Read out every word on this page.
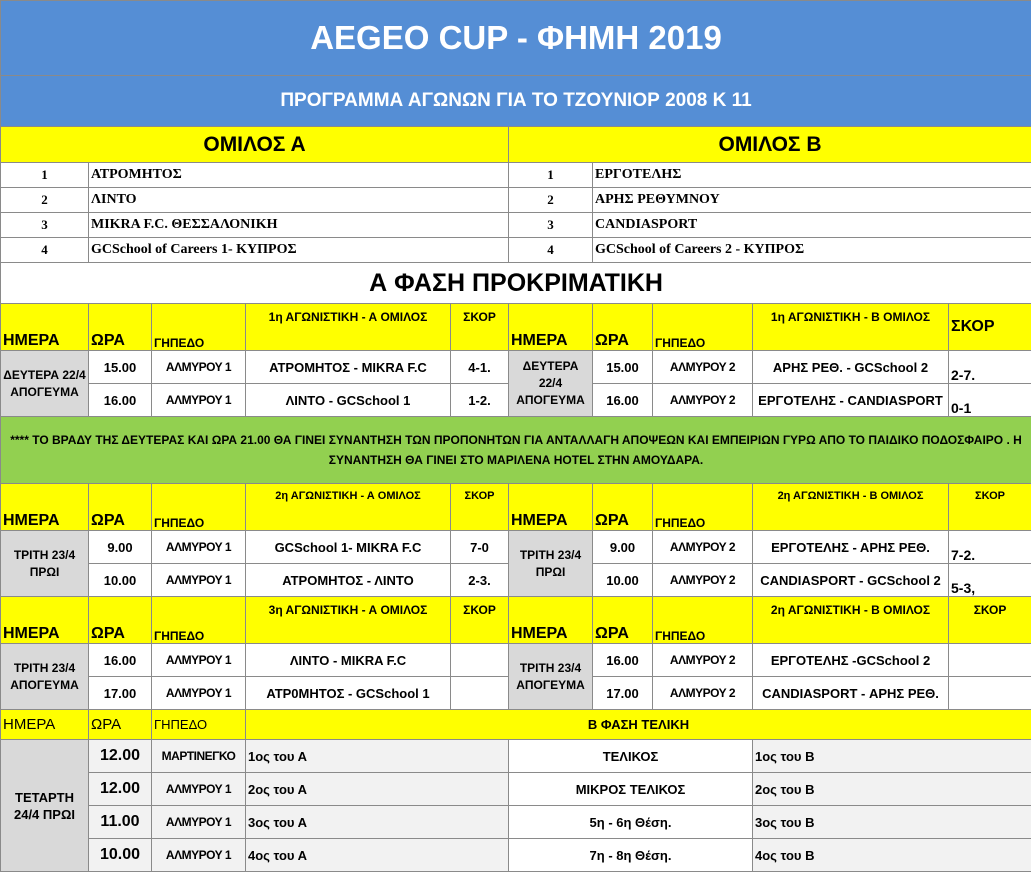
AEGEO CUP - ΦΗΜΗ 2019									
ΠΡΟΓΡΑΜΜΑ ΑΓΩΝΩΝ ΓΙΑ ΤΟ ΤΖΟΥΝΙΟΡ 2008 Κ 11									
ΟΜΙΛΟΣ Α					ΟΜΙΛΟΣ Β				
1	ΑΤΡΟΜΗΤΟΣ				1	ΕΡΓΟΤΕΛΗΣ			
2	ΛΙΝΤΟ				2	ΑΡΗΣ ΡΕΘΥΜΝΟΥ			
3	MIKRA F.C. ΘΕΣΣΑΛΟΝΙΚΗ				3	CANDIASPORT			
4	GCSchool of Careers 1- ΚΥΠΡΟΣ				4	GCSchool of Careers 2 - ΚΥΠΡΟΣ			
Α ΦΑΣΗ ΠΡΟΚΡΙΜΑΤΙΚΗ									
ΗΜΕΡΑ	ΩΡΑ	ΓΗΠΕΔΟ	1η ΑΓΩΝΙΣΤΙΚΗ - Α ΟΜΙΛΟΣ	ΣΚΟΡ	ΗΜΕΡΑ	ΩΡΑ	ΓΗΠΕΔΟ	1η ΑΓΩΝΙΣΤΙΚΗ - Β ΟΜΙΛΟΣ	ΣΚΟΡ
ΔΕΥΤΕΡΑ 22/4 ΑΠΟΓΕΥΜΑ	15.00	ΑΛΜΥΡΟΥ 1	ΑΤΡΟΜΗΤΟΣ - MIKRA F.C	4-1.	ΔΕΥΤΕΡΑ 22/4 ΑΠΟΓΕΥΜΑ	15.00	ΑΛΜΥΡΟΥ 2	ΑΡΗΣ ΡΕΘ. - GCSchool 2	2-7.
	16.00	ΑΛΜΥΡΟΥ 1	ΛΙΝΤΟ - GCSchool 1	1-2.		16.00	ΑΛΜΥΡΟΥ 2	ΕΡΓΟΤΕΛΗΣ - CANDIASPORT	0-1
**** ΤΟ ΒΡΑΔΥ ΤΗΣ ΔΕΥΤΕΡΑΣ ΚΑΙ ΩΡΑ 21.00 ΘΑ ΓΙΝΕΙ ΣΥΝΑΝΤΗΣΗ ΤΩΝ ΠΡΟΠΟΝΗΤΩΝ ΓΙΑ ΑΝΤΑΛΛΑΓΗ ΑΠΟΨΕΩΝ ΚΑΙ ΕΜΠΕΙΡΙΩΝ ΓΥΡΩ ΑΠΟ ΤΟ ΠΑΙΔΙΚΟ ΠΟΔΟΣΦΑΙΡΟ . Η ΣΥΝΑΝΤΗΣΗ ΘΑ ΓΙΝΕΙ ΣΤΟ ΜΑΡΙΛΕΝΑ HOTEL ΣΤΗΝ ΑΜΟΥΔΑΡΑ.									
ΗΜΕΡΑ	ΩΡΑ	ΓΗΠΕΔΟ	2η ΑΓΩΝΙΣΤΙΚΗ - Α ΟΜΙΛΟΣ	ΣΚΟΡ	ΗΜΕΡΑ	ΩΡΑ	ΓΗΠΕΔΟ	2η ΑΓΩΝΙΣΤΙΚΗ - Β ΟΜΙΛΟΣ	ΣΚΟΡ
ΤΡΙΤΗ 23/4 ΠΡΩΙ	9.00	ΑΛΜΥΡΟΥ 1	GCSchool 1- MIKRA F.C	7-0	ΤΡΙΤΗ 23/4 ΠΡΩΙ	9.00	ΑΛΜΥΡΟΥ 2	ΕΡΓΟΤΕΛΗΣ - ΑΡΗΣ ΡΕΘ.	7-2.
	10.00	ΑΛΜΥΡΟΥ 1	ΑΤΡΟΜΗΤΟΣ - ΛΙΝΤΟ	2-3.		10.00	ΑΛΜΥΡΟΥ 2	CANDIASPORT - GCSchool 2	5-3,
ΗΜΕΡΑ	ΩΡΑ	ΓΗΠΕΔΟ	3η ΑΓΩΝΙΣΤΙΚΗ - Α ΟΜΙΛΟΣ	ΣΚΟΡ	ΗΜΕΡΑ	ΩΡΑ	ΓΗΠΕΔΟ	2η ΑΓΩΝΙΣΤΙΚΗ - Β ΟΜΙΛΟΣ	ΣΚΟΡ
ΤΡΙΤΗ 23/4 ΑΠΟΓΕΥΜΑ	16.00	ΑΛΜΥΡΟΥ 1	ΛΙΝΤΟ - MIKRA F.C		ΤΡΙΤΗ 23/4 ΑΠΟΓΕΥΜΑ	16.00	ΑΛΜΥΡΟΥ 2	ΕΡΓΟΤΕΛΗΣ -GCSchool 2	
	17.00	ΑΛΜΥΡΟΥ 1	ΑΤΡ0ΜΗΤΟΣ - GCSchool 1			17.00	ΑΛΜΥΡΟΥ 2	CANDIASPORT - ΑΡΗΣ ΡΕΘ.	
ΗΜΕΡΑ	ΩΡΑ	ΓΗΠΕΔΟ	Β ΦΑΣΗ ΤΕΛΙΚΗ						
ΤΕΤΑΡΤΗ 24/4 ΠΡΩΙ	12.00	ΜΑΡΤΙΝΕΓΚΟ	1ος του Α		ΤΕΛΙΚΟΣ			1ος του Β	
	12.00	ΑΛΜΥΡΟΥ 1	2ος του Α		ΜΙΚΡΟΣ ΤΕΛΙΚΟΣ			2ος του Β	
	11.00	ΑΛΜΥΡΟΥ 1	3ος του Α		5η - 6η Θέση.			3ος του Β	
	10.00	ΑΛΜΥΡΟΥ 1	4ος του Α		7η - 8η Θέση.			4ος του Β	
